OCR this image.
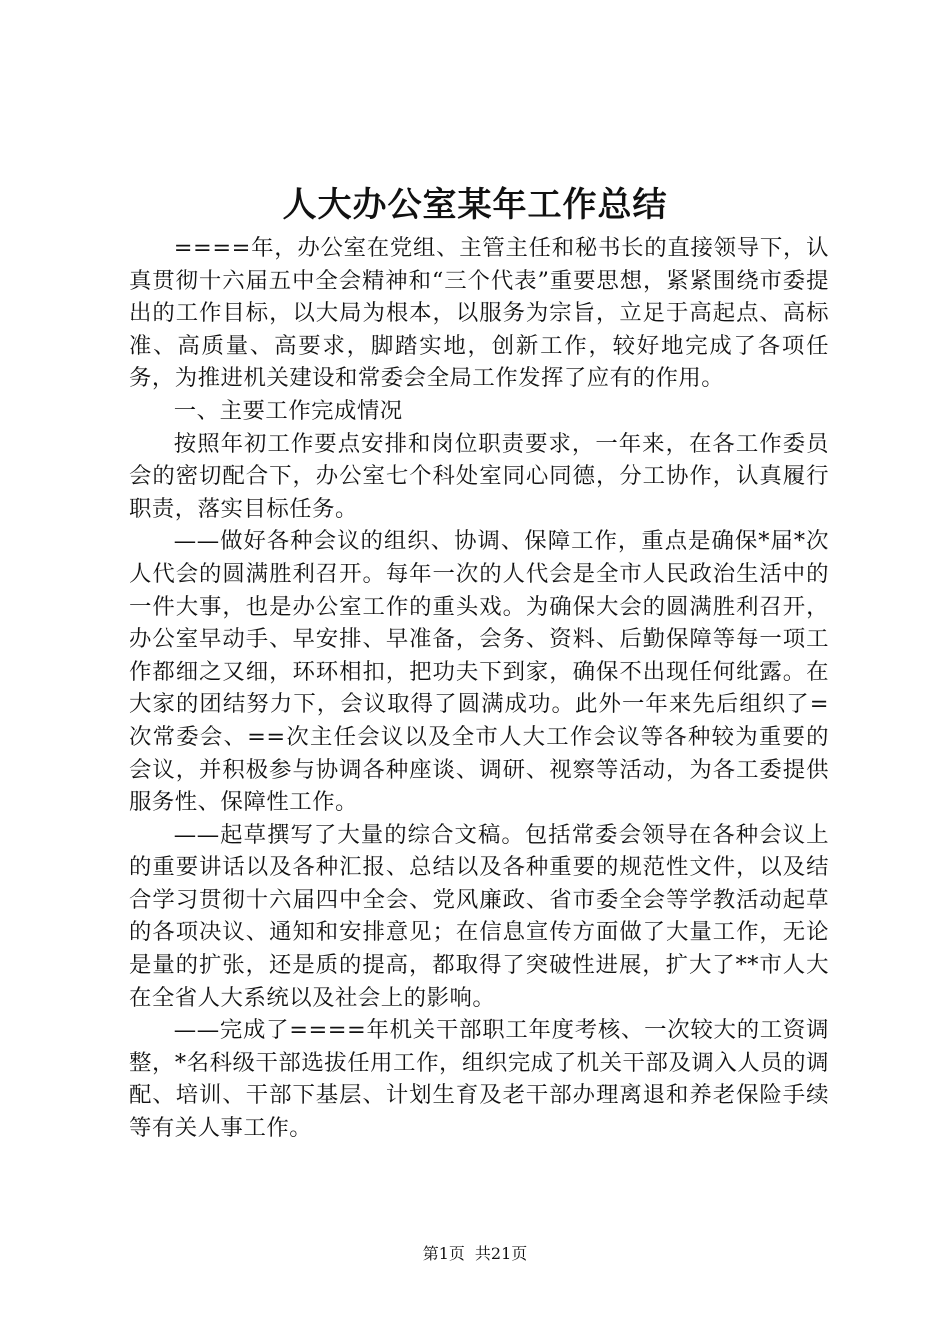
人大办公室某年工作总结

====年，办公室在党组、主管主任和秘书长的直接领导下，认真贯彻十六届五中全会精神和“三个代表”重要思想，紧紧围绕市委提出的工作目标，以大局为根本，以服务为宗旨，立足于高起点、高标准、高质量、高要求，脚踏实地，创新工作，较好地完成了各项任务，为推进机关建设和常委会全局工作发挥了应有的作用。

一、主要工作完成情况

按照年初工作要点安排和岗位职责要求，一年来，在各工作委员会的密切配合下，办公室七个科处室同心同德，分工协作，认真履行职责，落实目标任务。

——做好各种会议的组织、协调、保障工作，重点是确保*届*次人代会的圆满胜利召开。每年一次的人代会是全市人民政治生活中的一件大事，也是办公室工作的重头戏。为确保大会的圆满胜利召开，办公室早动手、早安排、早准备，会务、资料、后勤保障等每一项工作都细之又细，环环相扣，把功夫下到家，确保不出现任何纰露。在大家的团结努力下，会议取得了圆满成功。此外一年来先后组织了=次常委会、==次主任会议以及全市人大工作会议等各种较为重要的会议，并积极参与协调各种座谈、调研、视察等活动，为各工委提供服务性、保障性工作。

——起草撰写了大量的综合文稿。包括常委会领导在各种会议上的重要讲话以及各种汇报、总结以及各种重要的规范性文件，以及结合学习贯彻十六届四中全会、党风廉政、省市委全会等学教活动起草的各项决议、通知和安排意见；在信息宣传方面做了大量工作，无论是量的扩张，还是质的提高，都取得了突破性进展，扩大了**市人大在全省人大系统以及社会上的影响。

——完成了====年机关干部职工年度考核、一次较大的工资调整，*名科级干部选拔任用工作，组织完成了机关干部及调入人员的调配、培训、干部下基层、计划生育及老干部办理离退和养老保险手续等有关人事工作。

第1页 共21页
